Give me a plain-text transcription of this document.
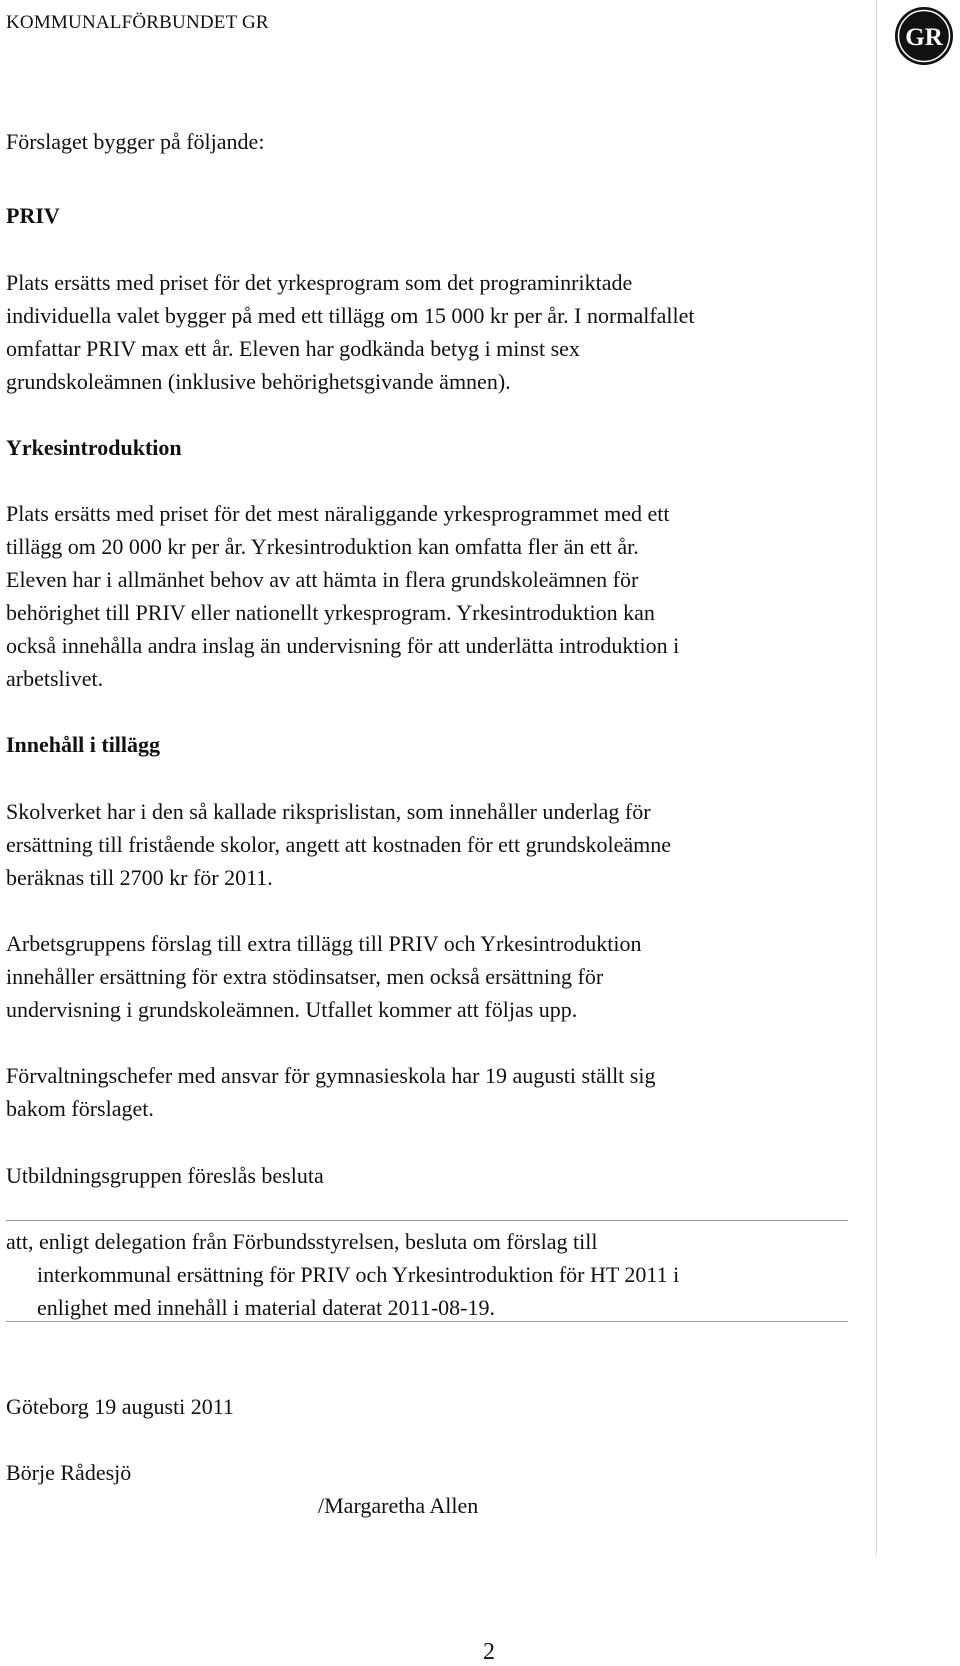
KOMMUNALFÖRBUNDET GR
GR

Förslaget bygger på följande:

PRIV

Plats ersätts med priset för det yrkesprogram som det programinriktade

individuella valet bygger på med ett tillägg om 15 000 kr per år. I normalfallet

omfattar PRIV max ett år. Eleven har godkända betyg i minst sex

grundskoleämnen (inklusive behörighetsgivande ämnen).

Yrkesintroduktion

Plats ersätts med priset för det mest näraliggande yrkesprogrammet med ett

tillägg om 20 000 kr per år. Yrkesintroduktion kan omfatta fler än ett år.

Eleven har i allmänhet behov av att hämta in flera grundskoleämnen för

behörighet till PRIV eller nationellt yrkesprogram. Yrkesintroduktion kan

också innehålla andra inslag än undervisning för att underlätta introduktion i

arbetslivet.

Innehåll i tillägg

Skolverket har i den så kallade riksprislistan, som innehåller underlag för

ersättning till fristående skolor, angett att kostnaden för ett grundskoleämne

beräknas till 2700 kr för 2011.

Arbetsgruppens förslag till extra tillägg till PRIV och Yrkesintroduktion

innehåller ersättning för extra stödinsatser, men också ersättning för

undervisning i grundskoleämnen. Utfallet kommer att följas upp.

Förvaltningschefer med ansvar för gymnasieskola har 19 augusti ställt sig

bakom förslaget.

Utbildningsgruppen föreslås besluta

att, enligt delegation från Förbundsstyrelsen, besluta om förslag till
interkommunal ersättning för PRIV och Yrkesintroduktion för HT 2011 i
enlighet med innehåll i material daterat 2011-08-19.

Göteborg 19 augusti 2011

Börje Rådesjö

/Margaretha Allen

2
